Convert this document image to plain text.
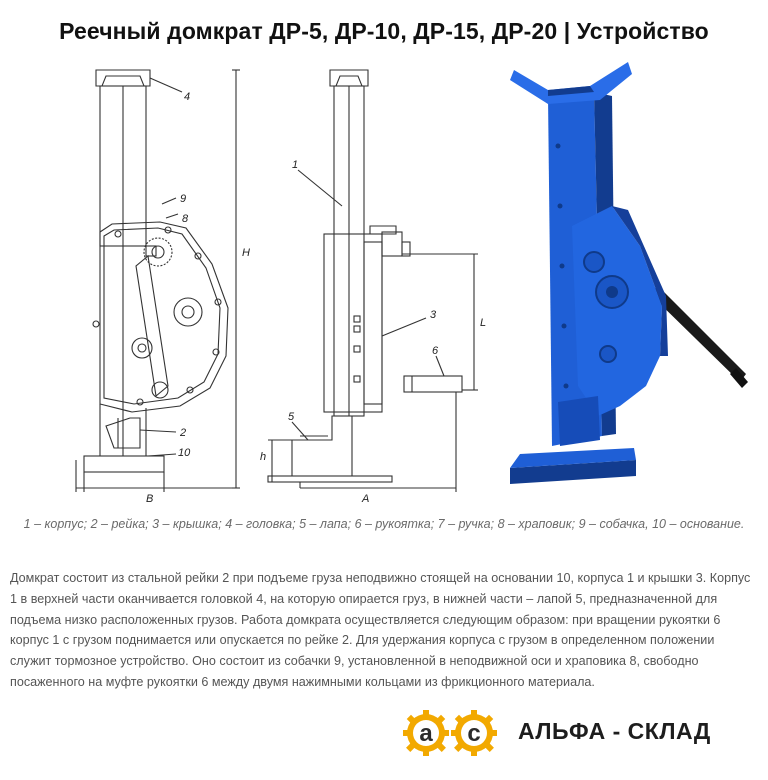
Реечный домкрат ДР-5, ДР-10, ДР-15, ДР-20 | Устройство
4
9
8
2
10
1
3
6
5
H
L
h
A
B
1 – корпус; 2 – рейка; 3 – крышка; 4 – головка; 5 – лапа; 6 – рукоятка; 7 – ручка; 8 – храповик; 9 – собачка, 10 – основание.
Домкрат состоит из стальной рейки 2 при подъеме груза неподвижно стоящей на основании 10, корпуса 1 и крышки 3. Корпус 1 в верхней части оканчивается головкой 4, на которую опирается груз, в нижней части – лапой 5, предназначенной для подъема низко расположенных грузов. Работа домкрата осуществляется следующим образом: при вращении рукоятки 6 корпус 1 с грузом поднимается или опускается по рейке 2. Для удержания корпуса с грузом в определенном положении служит тормозное устройство. Оно состоит из собачки 9, установленной в неподвижной оси и храповика 8, свободно посаженного на муфте рукоятки 6 между двумя нажимными кольцами из фрикционного материала.
a c АЛЬФА - СКЛАД
